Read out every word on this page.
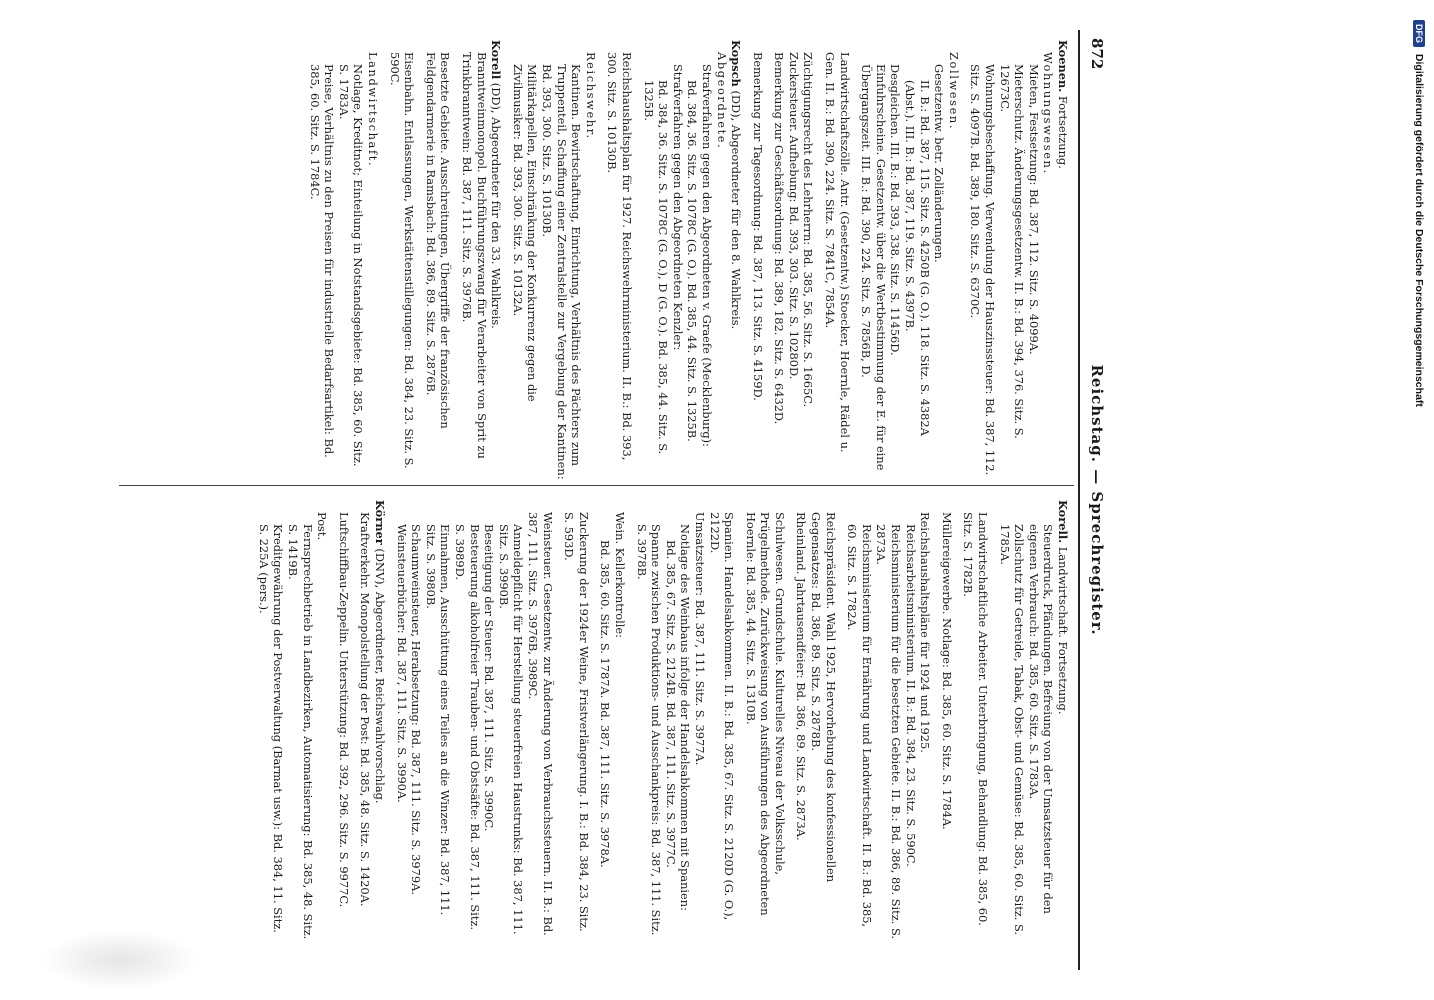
872
Reichstag. — Sprechregister.

Koenen. Fortsetzung.

Wohnungswesen.

Mieten, Festsetzung: Bd. 387, 112. Sitz. S. 4099A.

Mieterschutz. Änderungsgesetzentw. II. B.: Bd. 394, 376. Sitz. S. 12673C.

Wohnungsbeschaffung. Verwendung der Hauszinssteuer: Bd. 387, 112. Sitz. S. 4097B. Bd. 389, 180. Sitz. S. 6370C.

Zollwesen.

Gesetzentw. betr. Zolländerungen.

II. B.: Bd. 387, 115. Sitz. S. 4250B (G. O.). 118. Sitz. S. 4382A (Abst.). III. B.: Bd. 387, 119. Sitz. S. 4397B.

Desgleichen. III. B.: Bd. 393, 338. Sitz. S. 11456D.

Einfuhrscheine. Gesetzentw. über die Wertbestimmung der E. für eine Übergangszeit. III. B.: Bd. 390, 224. Sitz. S. 7856B, D.

Landwirtschaftszölle. Antr. (Gesetzentw.) Stoecker, Hoernle, Rädel u. Gen. II. B.: Bd. 390, 224. Sitz. S. 7841C, 7854A.

Züchtigungsrecht des Lehrherrn: Bd. 385, 56. Sitz. S. 1665C.

Zuckersteuer. Aufhebung: Bd. 393, 303. Sitz. S. 10280D.

Bemerkung zur Geschäftsordnung: Bd. 389, 182. Sitz. S. 6432D.

Bemerkung zur Tagesordnung: Bd. 387, 113. Sitz. S. 4159D.

Kopsch (DD), Abgeordneter für den 8. Wahlkreis.

Abgeordnete.

Strafverfahren gegen den Abgeordneten v. Graefe (Mecklenburg):

Bd. 384, 36. Sitz. S. 1078C (G. O.). Bd. 385, 44. Sitz. S. 1325B.

Strafverfahren gegen den Abgeordneten Kenzler:

Bd. 384, 36. Sitz. S. 1078C (G. O.), D (G. O.). Bd. 385, 44. Sitz. S. 1325B.

Reichshaushaltsplan für 1927. Reichswehrministerium. II. B.: Bd. 393, 300. Sitz. S. 10130B.

Reichswehr.

Kantinen. Bewirtschaftung, Einrichtung, Verhältnis des Pächters zum Truppenteil, Schaffung einer Zentralstelle zur Vergebung der Kantinen: Bd. 393, 300. Sitz. S. 10130B.

Militärkapellen, Einschränkung der Konkurrenz gegen die Zivilmusiker: Bd. 393, 300. Sitz. S. 10132A.

Korell (DD), Abgeordneter für den 33. Wahlkreis.

Branntweinmonopol. Buchführungszwang für Verarbeiter von Sprit zu Trinkbranntwein: Bd. 387, 111. Sitz. S. 3976B.

Besetzte Gebiete. Ausschreitungen, Übergriffe der französischen Feldgendarmerie in Ramsbach: Bd. 386, 89. Sitz. S. 2876B.

Eisenbahn. Entlassungen, Werkstättenstillegungen: Bd. 384, 23. Sitz. S. 590C.

Landwirtschaft.

Notlage, Kreditnot; Einteilung in Notstandsgebiete: Bd. 385, 60. Sitz. S. 1783A.

Preise, Verhältnis zu den Preisen für industrielle Bedarfsartikel: Bd. 385, 60. Sitz. S. 1784C.

Korell. Landwirtschaft. Fortsetzung.

Steuerdruck, Pfändungen. Befreiung von der Umsatzsteuer für den eigenen Verbrauch: Bd. 385, 60. Sitz. S. 1783A.

Zollschutz für Getreide, Tabak, Obst- und Gemüse: Bd. 385, 60. Sitz. S. 1785A.

Landwirtschaftliche Arbeiter. Unterbringung, Behandlung: Bd. 385, 60. Sitz. S. 1782B.

Müllereigewerbe. Notlage: Bd. 385, 60. Sitz. S. 1784A.

Reichshaushaltspläne für 1924 und 1925.

Reichsarbeitsministerium. II. B.: Bd. 384, 23. Sitz. S. 590C.

Reichsministerium für die besetzten Gebiete. II. B.: Bd. 386, 89. Sitz. S. 2873A.

Reichsministerium für Ernährung und Landwirtschaft. II. B.: Bd. 385, 60. Sitz. S. 1782A.

Reichspräsident. Wahl 1925, Hervorhebung des konfessionellen Gegensatzes: Bd. 386, 89. Sitz. S. 2878B.

Rheinland. Jahrtausendfeier: Bd. 386, 89. Sitz. S. 2873A.

Schulwesen. Grundschule. Kulturelles Niveau der Volksschule, Prügelmethode. Zurückweisung von Ausführungen des Abgeordneten Hoernle: Bd. 385, 44. Sitz. S. 1310B.

Spanien. Handelsabkommen. II. B.: Bd. 385, 67. Sitz. S. 2120D (G. O.), 2122D.

Umsatzsteuer: Bd. 387, 111. Sitz. S. 3977A.

Notlage des Weinbaus infolge der Handelsabkommen mit Spanien:

Bd. 385, 67. Sitz. S. 2124B. Bd. 387, 111. Sitz. S. 3977C.

Spanne zwischen Produktions- und Ausschankpreis: Bd. 387, 111. Sitz. S. 3978B.

Wein. Kellerkontrolle:

Bd. 385, 60. Sitz. S. 1787A. Bd. 387, 111. Sitz. S. 3978A.

Zuckerung der 1924er Weine, Fristverlängerung. I. B.: Bd. 384, 23. Sitz. S. 593D.

Weinsteuer. Gesetzentw. zur Änderung von Verbrauchssteuern. II. B.: Bd. 387, 111. Sitz. S. 3976B, 3989C.

Anmeldepflicht für Herstellung steuerfreien Haustrunks: Bd. 387, 111. Sitz. S. 3990B.

Beseitigung der Steuer: Bd. 387, 111. Sitz. S. 3990C.

Besteuerung alkoholfreier Trauben- und Obstsäfte: Bd. 387, 111. Sitz. S. 3989D.

Einnahmen, Ausschüttung eines Teiles an die Winzer: Bd. 387, 111. Sitz. S. 3980B.

Schaumweinsteuer, Herabsetzung: Bd. 387, 111. Sitz. S. 3979A.

Weinsteuerbücher: Bd. 387, 111. Sitz. S. 3990A.

Körner (DNV), Abgeordneter, Reichswahlvorschlag.

Kraftverkehr. Monopolstellung der Post: Bd. 385, 48. Sitz. S. 1420A.

Luftschiffbau-Zeppelin. Unterstützung: Bd. 392, 296. Sitz. S. 9977C.

Post.

Fernsprechbetrieb in Landbezirken, Automatisierung: Bd. 385, 48. Sitz. S. 1419B.

Kreditgewährung der Postverwaltung (Barmat usw.): Bd. 384, 11. Sitz. S. 225A (pers.).

DFG Digitalisierung gefördert durch die Deutsche Forschungsgemeinschaft
